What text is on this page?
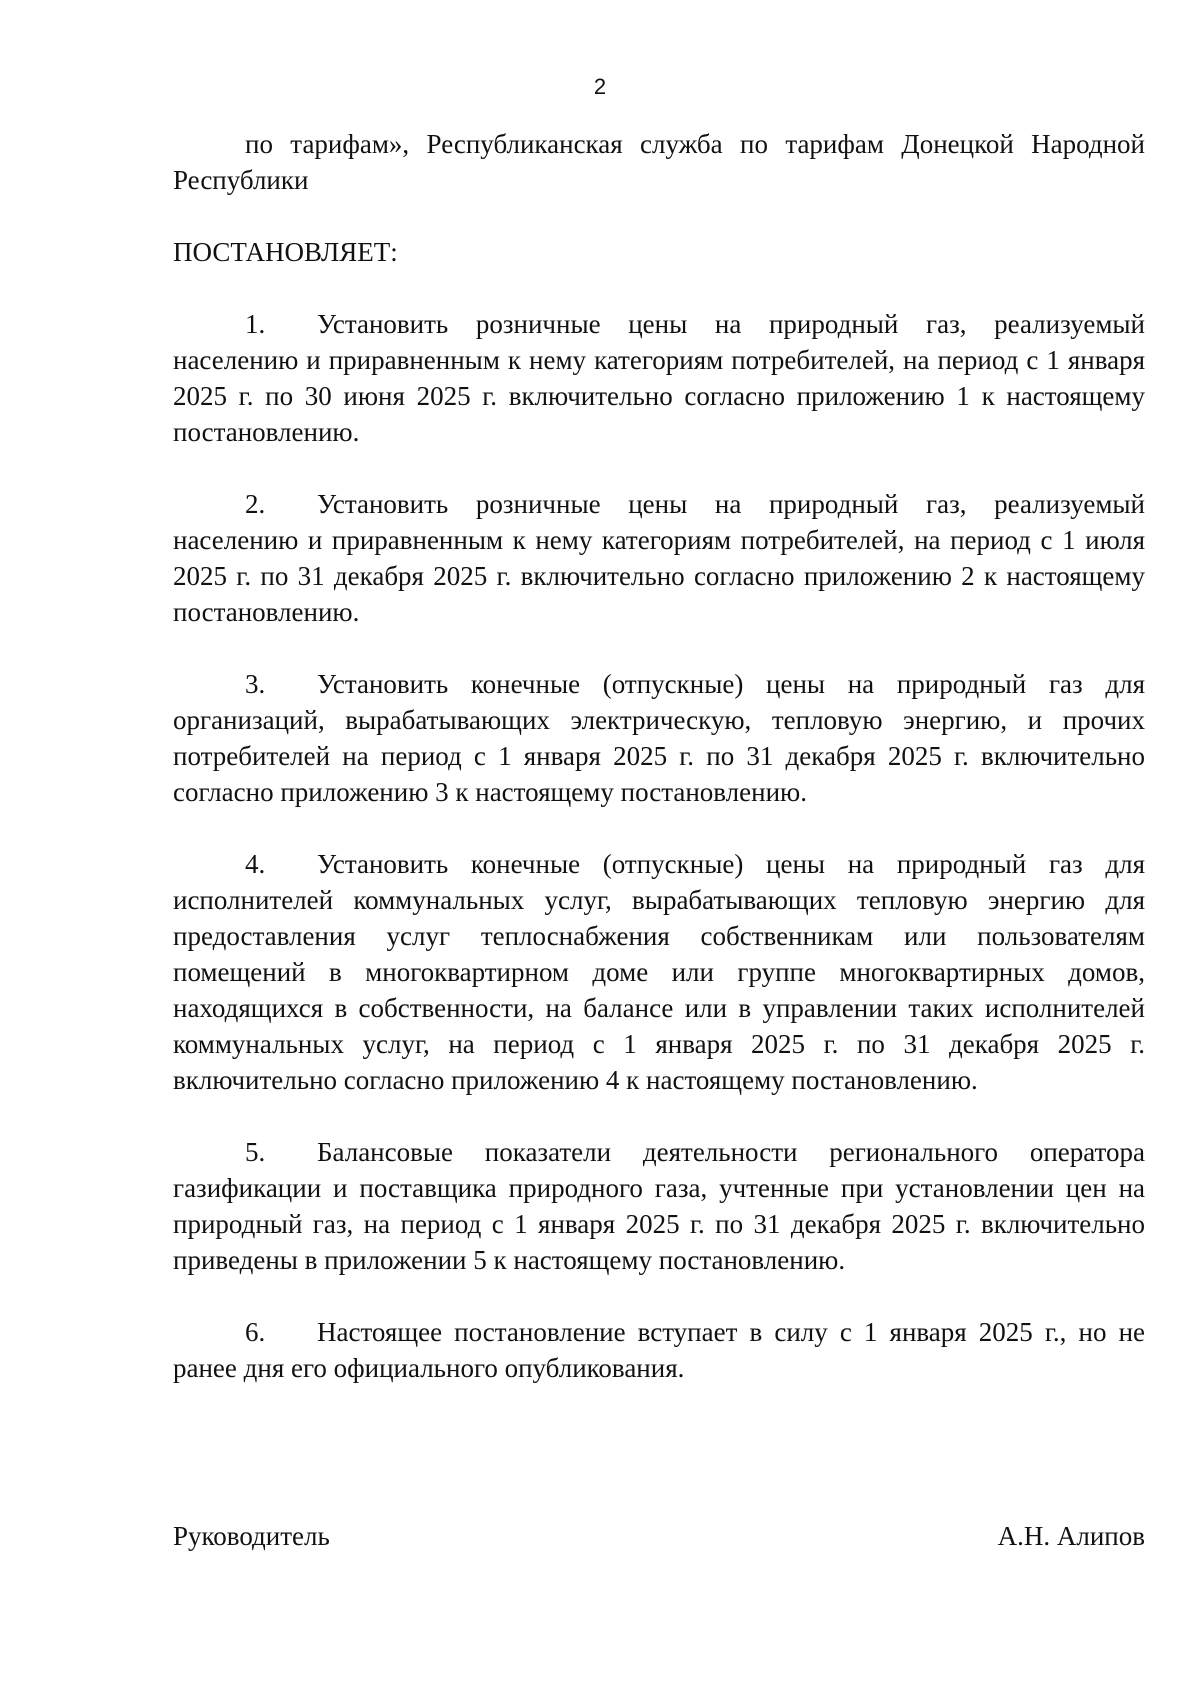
2

по тарифам», Республиканская служба по тарифам Донецкой Народной Республики

ПОСТАНОВЛЯЕТ:

1. Установить розничные цены на природный газ, реализуемый населению и приравненным к нему категориям потребителей, на период с 1 января 2025 г. по 30 июня 2025 г. включительно согласно приложению 1 к настоящему постановлению.

2. Установить розничные цены на природный газ, реализуемый населению и приравненным к нему категориям потребителей, на период с 1 июля 2025 г. по 31 декабря 2025 г. включительно согласно приложению 2 к настоящему постановлению.

3. Установить конечные (отпускные) цены на природный газ для организаций, вырабатывающих электрическую, тепловую энергию, и прочих потребителей на период с 1 января 2025 г. по 31 декабря 2025 г. включительно согласно приложению 3 к настоящему постановлению.

4. Установить конечные (отпускные) цены на природный газ для исполнителей коммунальных услуг, вырабатывающих тепловую энергию для предоставления услуг теплоснабжения собственникам или пользователям помещений в многоквартирном доме или группе многоквартирных домов, находящихся в собственности, на балансе или в управлении таких исполнителей коммунальных услуг, на период с 1 января 2025 г. по 31 декабря 2025 г. включительно согласно приложению 4 к настоящему постановлению.

5. Балансовые показатели деятельности регионального оператора газификации и поставщика природного газа, учтенные при установлении цен на природный газ, на период с 1 января 2025 г. по 31 декабря 2025 г. включительно приведены в приложении 5 к настоящему постановлению.

6. Настоящее постановление вступает в силу с 1 января 2025 г., но не ранее дня его официального опубликования.

Руководитель	А.Н. Алипов
